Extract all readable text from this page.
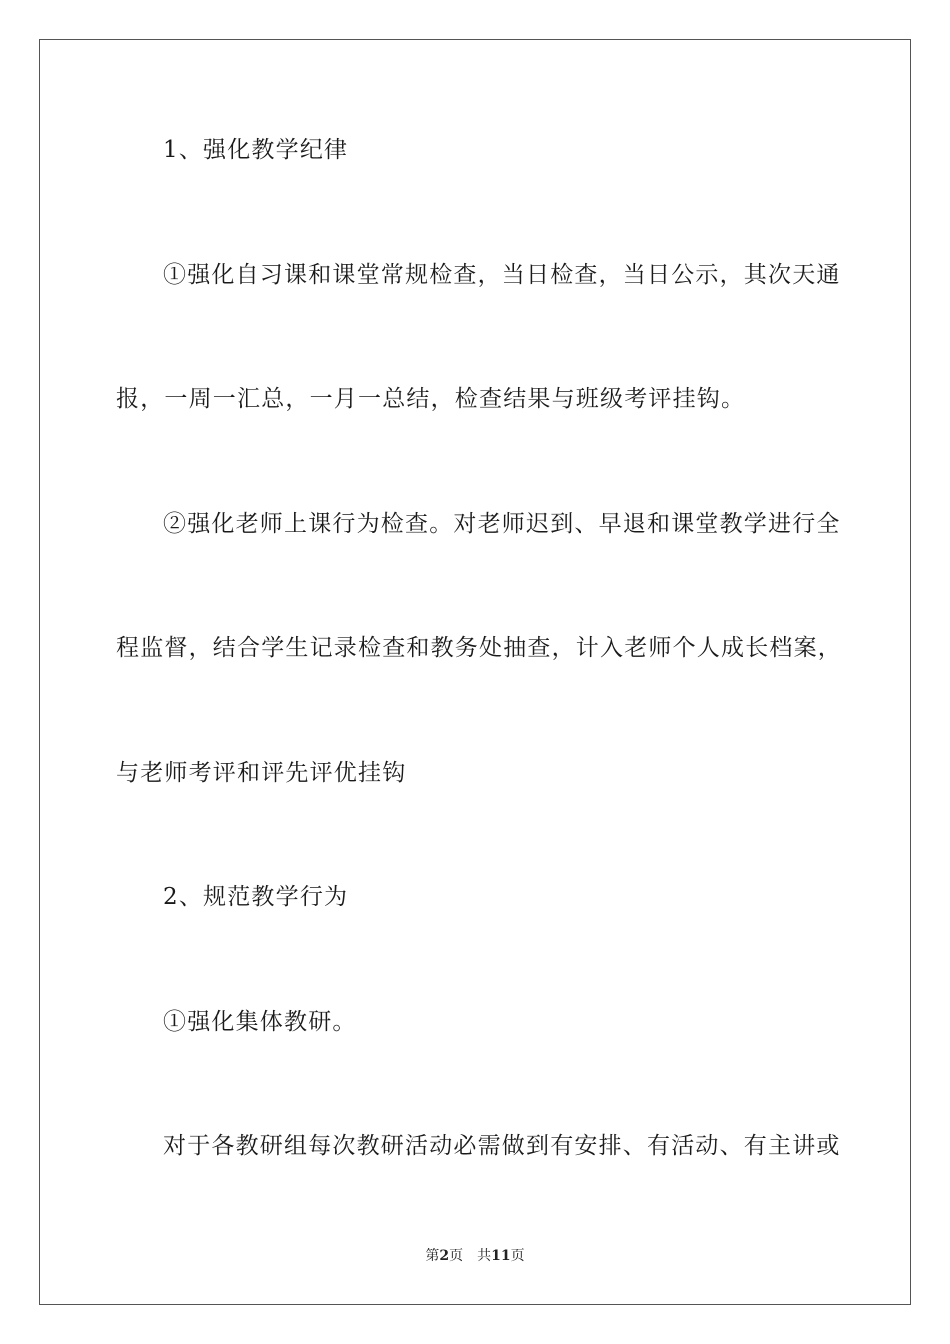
1、强化教学纪律
①强化自习课和课堂常规检查，当日检查，当日公示，其次天通
报，一周一汇总，一月一总结，检查结果与班级考评挂钩。
②强化老师上课行为检查。对老师迟到、早退和课堂教学进行全
程监督，结合学生记录检查和教务处抽查，计入老师个人成长档案，
与老师考评和评先评优挂钩
2、规范教学行为
①强化集体教研。
对于各教研组每次教研活动必需做到有安排、有活动、有主讲或
第2页 共11页
